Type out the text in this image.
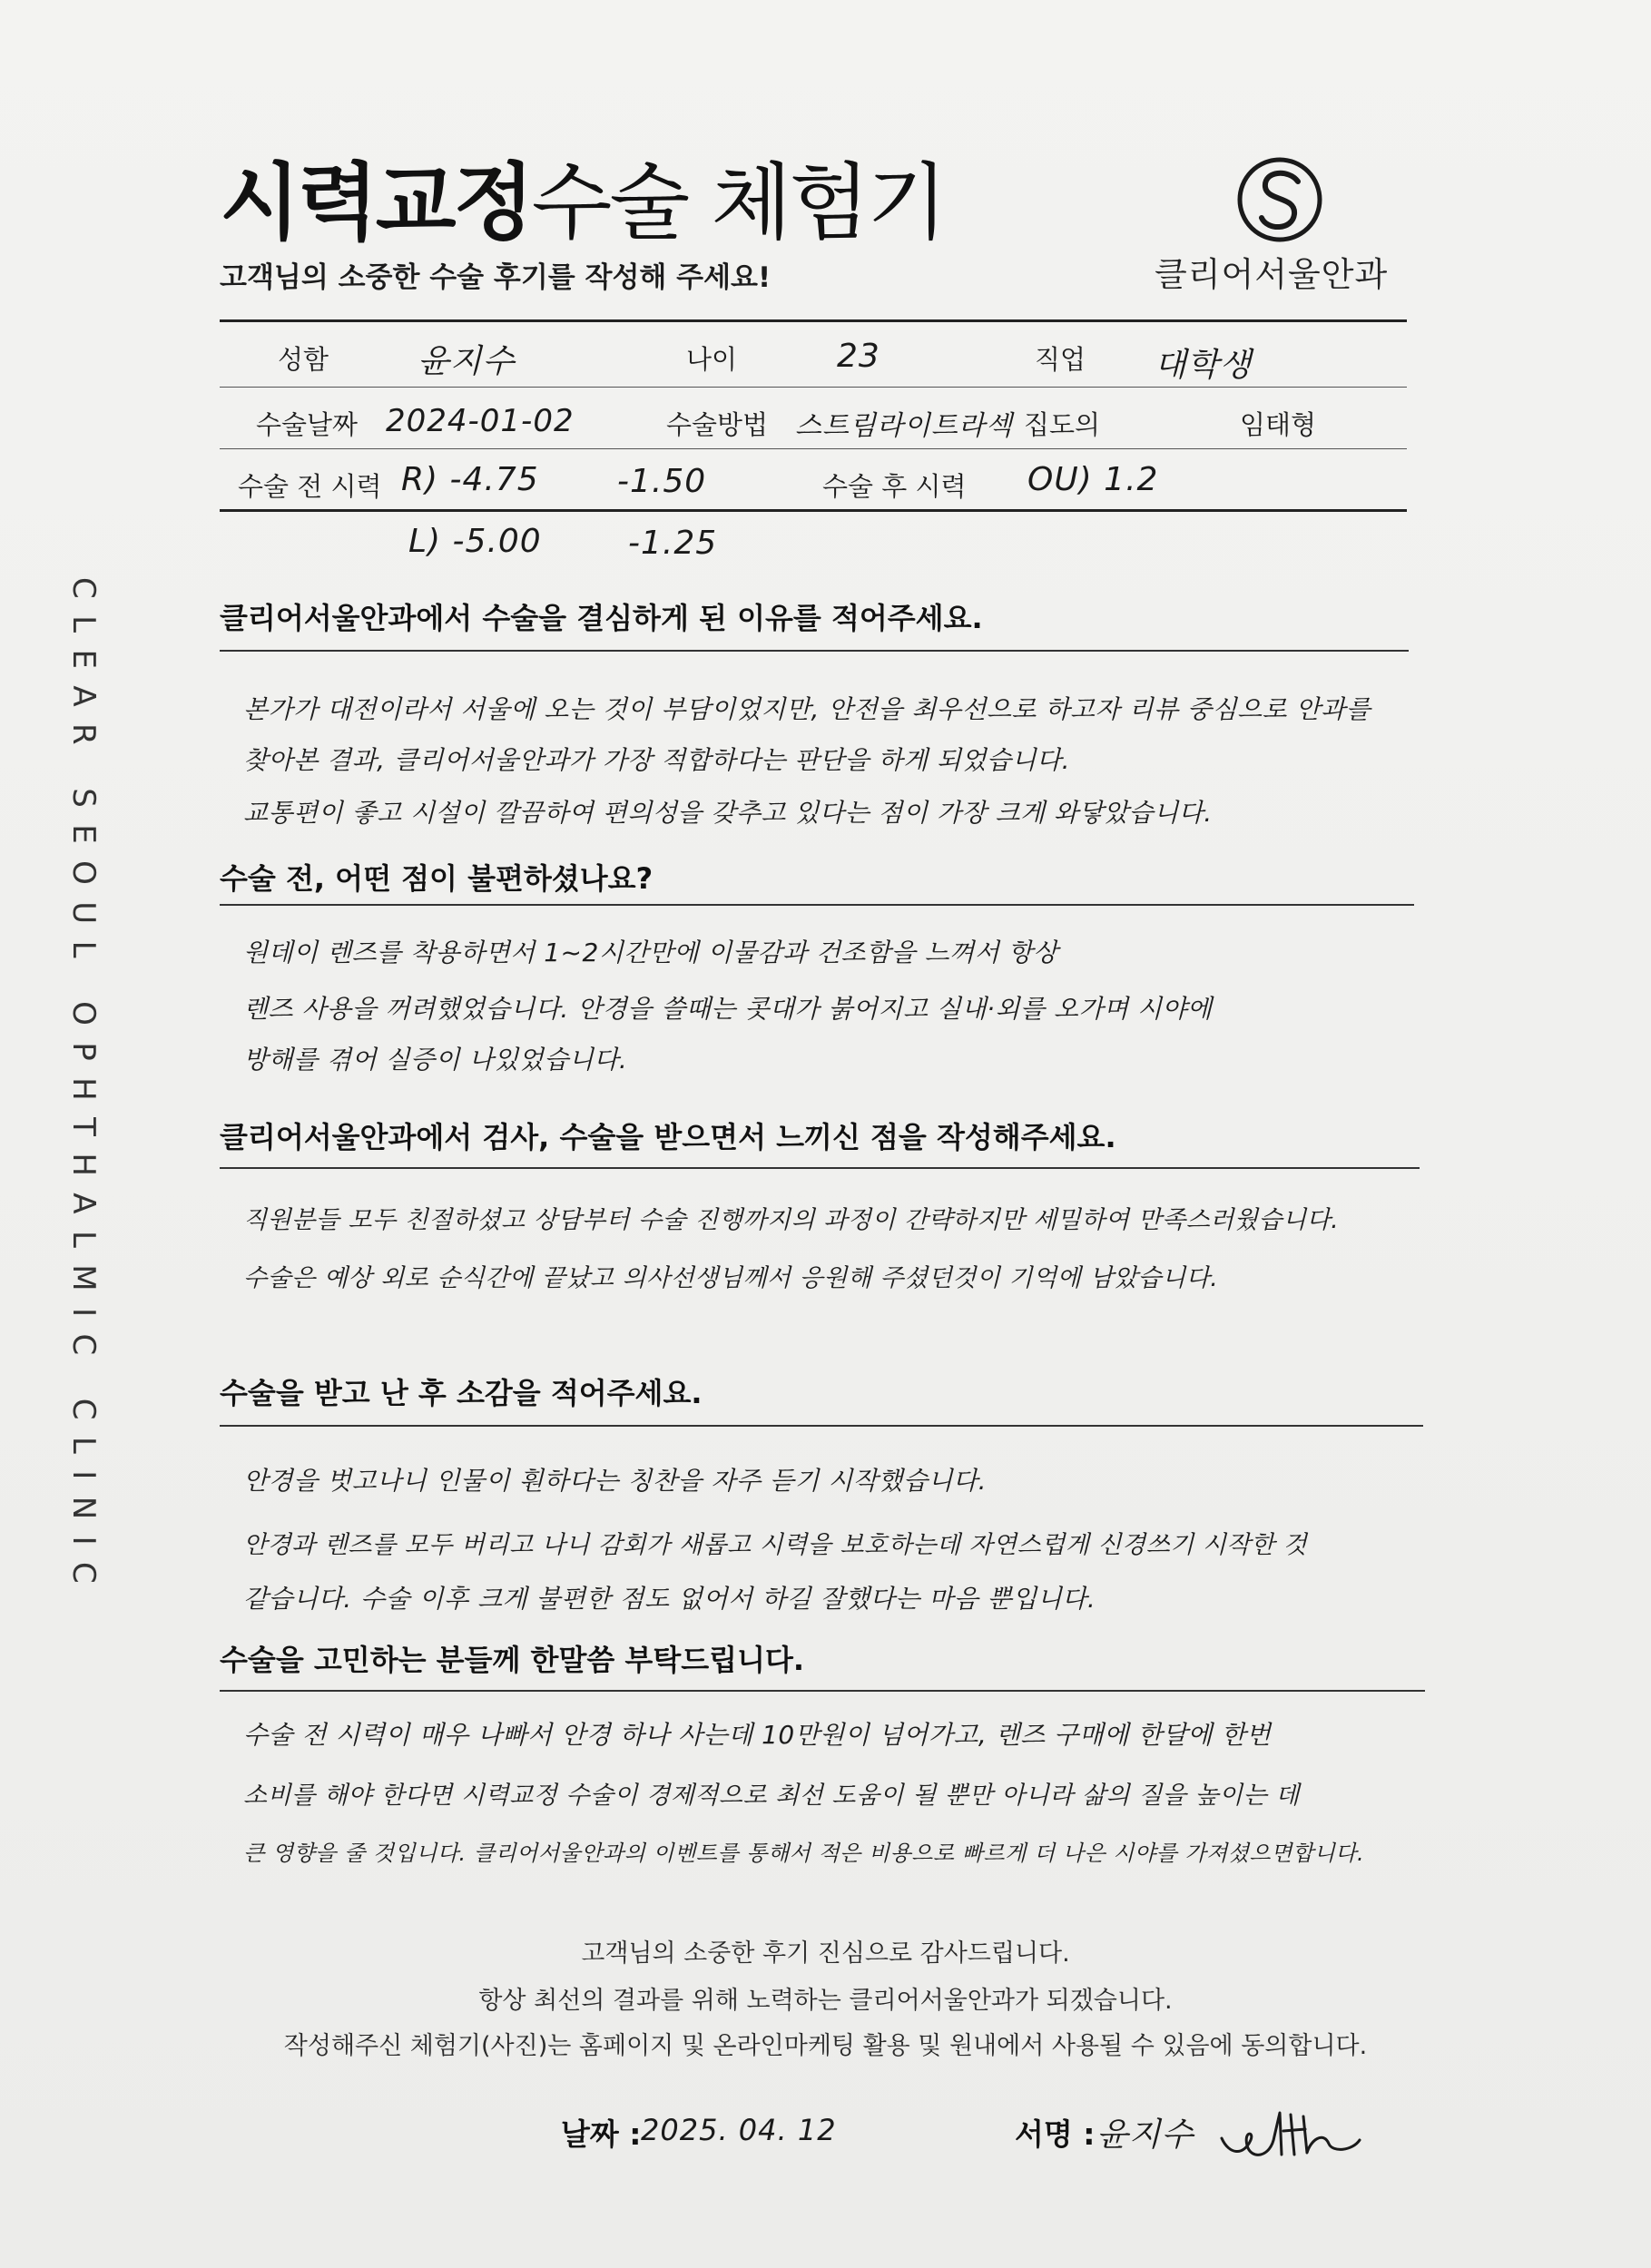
시력교정수술 체험기
고객님의 소중한 수술 후기를 작성해 주세요!	클리어서울안과
CLEAR SEOUL OPHTHALMIC CLINIC
성함	윤지수	나이	23	직업 대학생
수술날짜 2024-01-02	수술방법 스트림라이트라섹 집도의	임태형
수술 전 시력 R) -4.75 -1.50	수술 후 시력 OU) 1.2
L) -5.00	-1.25
클리어서울안과에서 수술을 결심하게 된 이유를 적어주세요.
본가가 대전이라서 서울에 오는 것이 부담이었지만, 안전을 최우선으로 하고자 리뷰 중심으로 안과를
찾아본 결과, 클리어서울안과가 가장 적합하다는 판단을 하게 되었습니다.
교통편이 좋고 시설이 깔끔하여 편의성을 갖추고 있다는 점이 가장 크게 와닿았습니다.
수술 전, 어떤 점이 불편하셨나요?
원데이 렌즈를 착용하면서 1~2시간만에 이물감과 건조함을 느껴서 항상
렌즈 사용을 꺼려했었습니다. 안경을 쓸때는 콧대가 붉어지고 실내·외를 오가며 시야에
방해를 겪어 실증이 나있었습니다.
클리어서울안과에서 검사, 수술을 받으면서 느끼신 점을 작성해주세요.
직원분들 모두 친절하셨고 상담부터 수술 진행까지의 과정이 간략하지만 세밀하여 만족스러웠습니다.
수술은 예상 외로 순식간에 끝났고 의사선생님께서 응원해 주셨던것이 기억에 남았습니다.
수술을 받고 난 후 소감을 적어주세요.
안경을 벗고나니 인물이 훤하다는 칭찬을 자주 듣기 시작했습니다.
안경과 렌즈를 모두 버리고 나니 감회가 새롭고 시력을 보호하는데 자연스럽게 신경쓰기 시작한 것
같습니다. 수술 이후 크게 불편한 점도 없어서 하길 잘했다는 마음 뿐입니다.
수술을 고민하는 분들께 한말씀 부탁드립니다.
수술 전 시력이 매우 나빠서 안경 하나 사는데 10만원이 넘어가고, 렌즈 구매에 한달에 한번
소비를 해야 한다면 시력교정 수술이 경제적으로 최선 도움이 될 뿐만 아니라 삶의 질을 높이는 데
큰 영향을 줄 것입니다. 클리어서울안과의 이벤트를 통해서 적은 비용으로 빠르게 더 나은 시야를 가져셨으면합니다.
고객님의 소중한 후기 진심으로 감사드립니다.
항상 최선의 결과를 위해 노력하는 클리어서울안과가 되겠습니다.
작성해주신 체험기(사진)는 홈페이지 및 온라인마케팅 활용 및 원내에서 사용될 수 있음에 동의합니다.
날짜 : 2025. 04. 12	서명 : 윤지수
